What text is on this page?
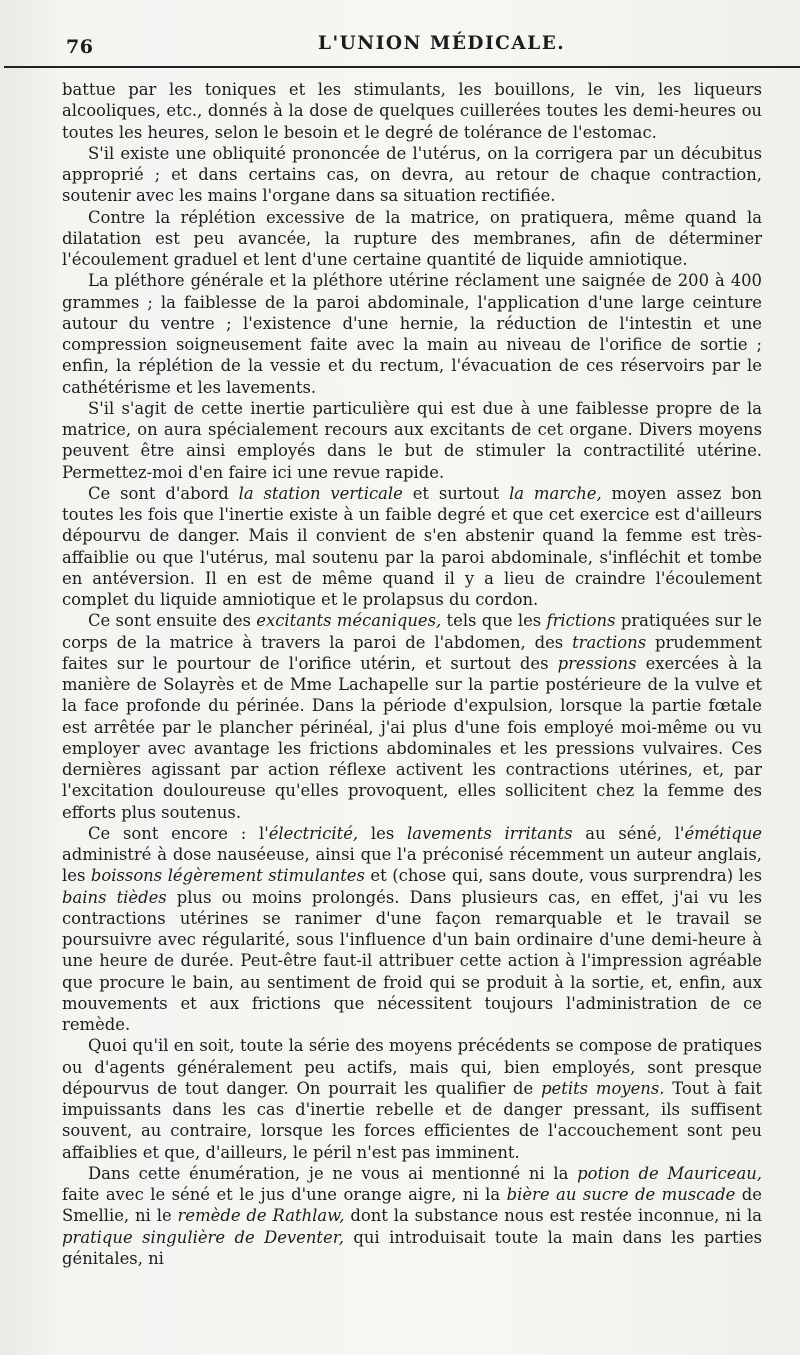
76	L'UNION MÉDICALE.

battue par les toniques et les stimulants, les bouillons, le vin, les liqueurs alcooliques, etc., donnés à la dose de quelques cuillerées toutes les demi-heures ou toutes les heures, selon le besoin et le degré de tolérance de l'estomac.

S'il existe une obliquité prononcée de l'utérus, on la corrigera par un décubitus approprié ; et dans certains cas, on devra, au retour de chaque contraction, soutenir avec les mains l'organe dans sa situation rectifiée.

Contre la réplétion excessive de la matrice, on pratiquera, même quand la dilatation est peu avancée, la rupture des membranes, afin de déterminer l'écoulement graduel et lent d'une certaine quantité de liquide amniotique.

La pléthore générale et la pléthore utérine réclament une saignée de 200 à 400 grammes ; la faiblesse de la paroi abdominale, l'application d'une large ceinture autour du ventre ; l'existence d'une hernie, la réduction de l'intestin et une compression soigneusement faite avec la main au niveau de l'orifice de sortie ; enfin, la réplétion de la vessie et du rectum, l'évacuation de ces réservoirs par le cathétérisme et les lavements.

S'il s'agit de cette inertie particulière qui est due à une faiblesse propre de la matrice, on aura spécialement recours aux excitants de cet organe. Divers moyens peuvent être ainsi employés dans le but de stimuler la contractilité utérine. Permettez-moi d'en faire ici une revue rapide.

Ce sont d'abord la station verticale et surtout la marche, moyen assez bon toutes les fois que l'inertie existe à un faible degré et que cet exercice est d'ailleurs dépourvu de danger. Mais il convient de s'en abstenir quand la femme est très-affaiblie ou que l'utérus, mal soutenu par la paroi abdominale, s'infléchit et tombe en antéversion. Il en est de même quand il y a lieu de craindre l'écoulement complet du liquide amniotique et le prolapsus du cordon.

Ce sont ensuite des excitants mécaniques, tels que les frictions pratiquées sur le corps de la matrice à travers la paroi de l'abdomen, des tractions prudemment faites sur le pourtour de l'orifice utérin, et surtout des pressions exercées à la manière de Solayrès et de Mme Lachapelle sur la partie postérieure de la vulve et la face profonde du périnée. Dans la période d'expulsion, lorsque la partie fœtale est arrêtée par le plancher périnéal, j'ai plus d'une fois employé moi-même ou vu employer avec avantage les frictions abdominales et les pressions vulvaires. Ces dernières agissant par action réflexe activent les contractions utérines, et, par l'excitation douloureuse qu'elles provoquent, elles sollicitent chez la femme des efforts plus soutenus.

Ce sont encore : l'électricité, les lavements irritants au séné, l'émétique administré à dose nauséeuse, ainsi que l'a préconisé récemment un auteur anglais, les boissons légèrement stimulantes et (chose qui, sans doute, vous surprendra) les bains tièdes plus ou moins prolongés. Dans plusieurs cas, en effet, j'ai vu les contractions utérines se ranimer d'une façon remarquable et le travail se poursuivre avec régularité, sous l'influence d'un bain ordinaire d'une demi-heure à une heure de durée. Peut-être faut-il attribuer cette action à l'impression agréable que procure le bain, au sentiment de froid qui se produit à la sortie, et, enfin, aux mouvements et aux frictions que nécessitent toujours l'administration de ce remède.

Quoi qu'il en soit, toute la série des moyens précédents se compose de pratiques ou d'agents généralement peu actifs, mais qui, bien employés, sont presque dépourvus de tout danger. On pourrait les qualifier de petits moyens. Tout à fait impuissants dans les cas d'inertie rebelle et de danger pressant, ils suffisent souvent, au contraire, lorsque les forces efficientes de l'accouchement sont peu affaiblies et que, d'ailleurs, le péril n'est pas imminent.

Dans cette énumération, je ne vous ai mentionné ni la potion de Mauriceau, faite avec le séné et le jus d'une orange aigre, ni la bière au sucre de muscade de Smellie, ni le remède de Rathlaw, dont la substance nous est restée inconnue, ni la pratique singulière de Deventer, qui introduisait toute la main dans les parties génitales, ni
